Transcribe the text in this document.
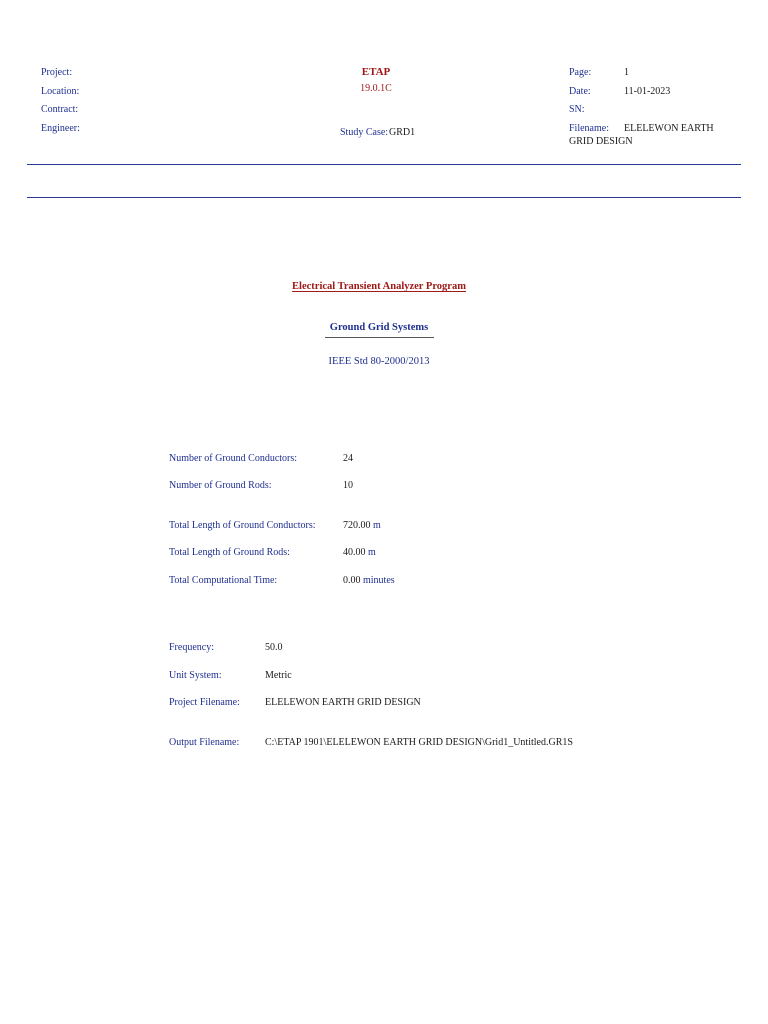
Project:
Location:
Contract:
Engineer:
ETAP
19.0.1C
Study Case: GRD1
Page:	1
Date:	11-01-2023
SN:
Filename: ELELEWON EARTH
GRID DESIGN
Electrical Transient Analyzer Program
Ground Grid Systems
IEEE Std 80-2000/2013
Number of Ground Conductors:	24
Number of Ground Rods:	10
Total Length of Ground Conductors:	720.00 m
Total Length of Ground Rods:	40.00 m
Total Computational Time:	0.00 minutes
Frequency:	50.0
Unit System:	Metric
Project Filename:	ELELEWON EARTH GRID DESIGN
Output Filename:	C:\ETAP 1901\ELELEWON EARTH GRID DESIGN\Grid1_Untitled.GR1S
